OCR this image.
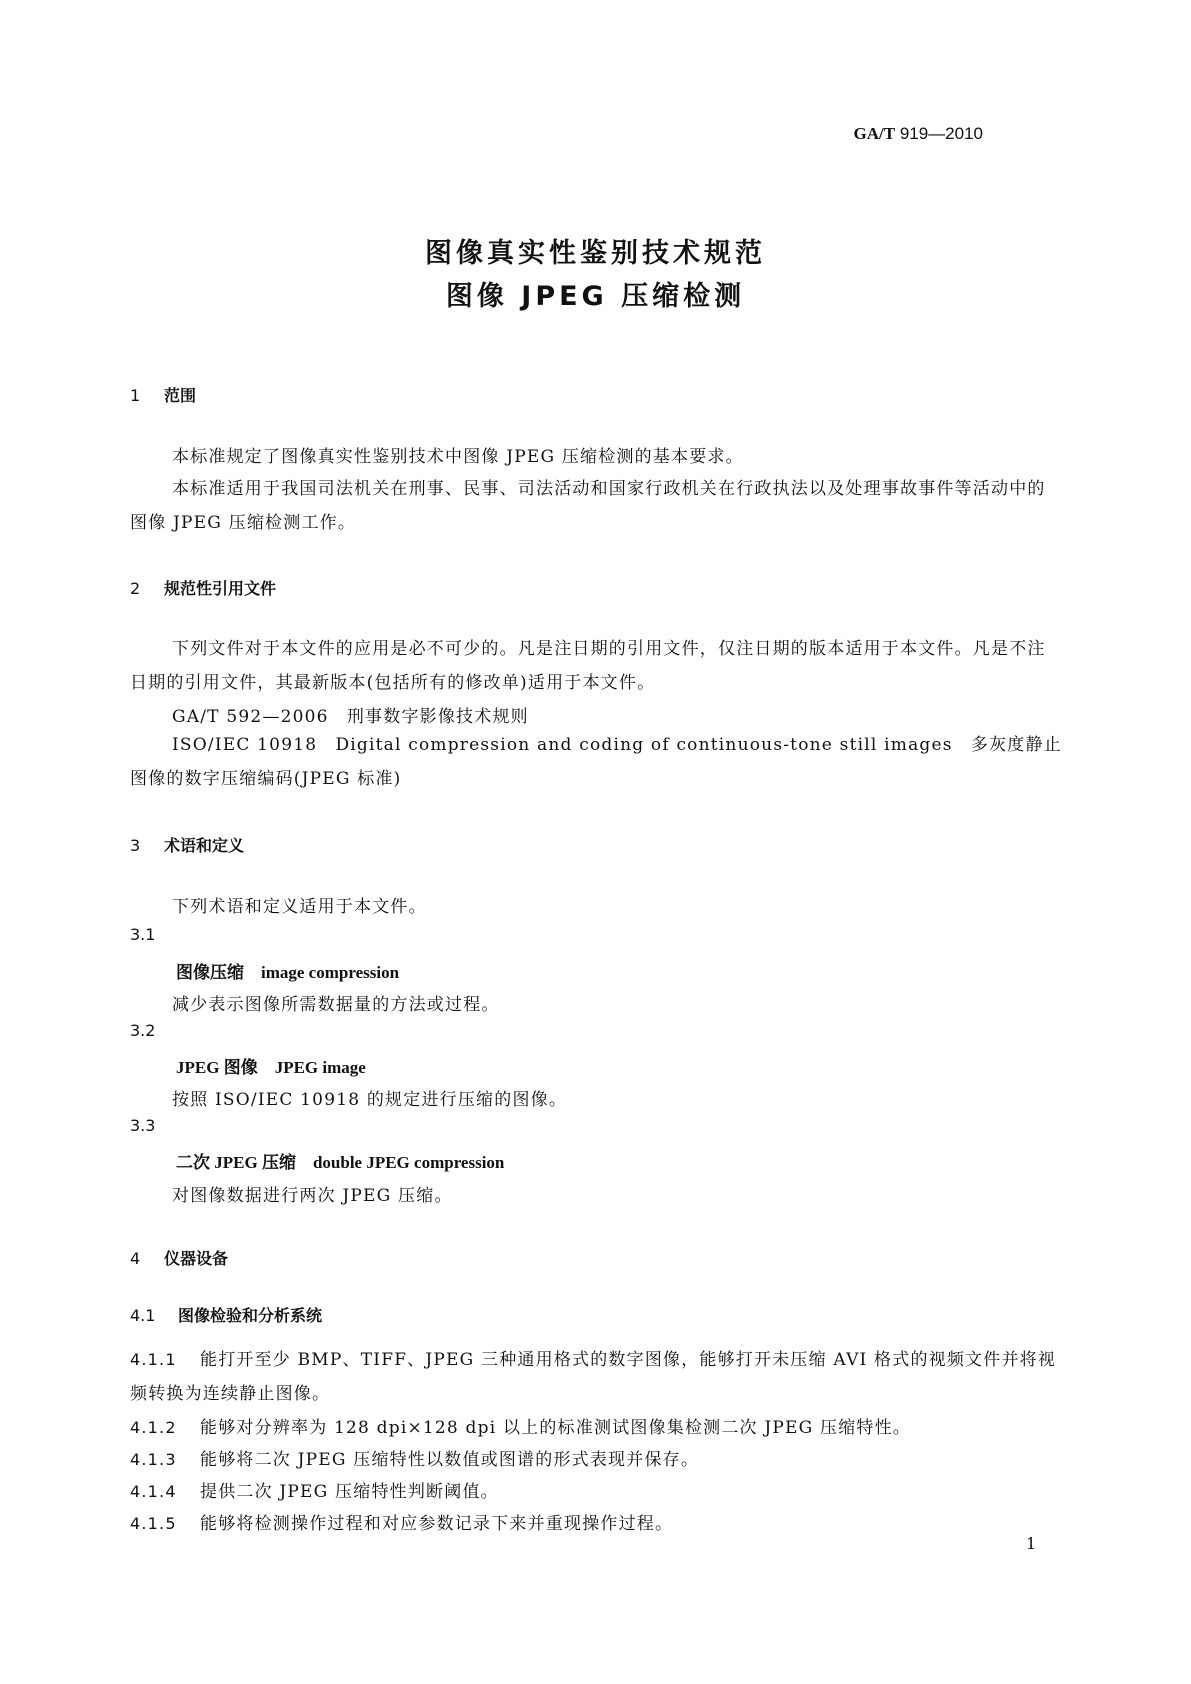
GA/T 919—2010
图像真实性鉴别技术规范
图像 JPEG 压缩检测
1 范围
本标准规定了图像真实性鉴别技术中图像 JPEG 压缩检测的基本要求。
本标准适用于我国司法机关在刑事、民事、司法活动和国家行政机关在行政执法以及处理事故事件等活动中的图像 JPEG 压缩检测工作。
2 规范性引用文件
下列文件对于本文件的应用是必不可少的。凡是注日期的引用文件，仅注日期的版本适用于本文件。凡是不注日期的引用文件，其最新版本(包括所有的修改单)适用于本文件。
GA/T 592—2006　刑事数字影像技术规则
ISO/IEC 10918　Digital compression and coding of continuous-tone still images　多灰度静止图像的数字压缩编码(JPEG 标准)
3 术语和定义
下列术语和定义适用于本文件。
3.1
图像压缩  image compression
减少表示图像所需数据量的方法或过程。
3.2
JPEG 图像  JPEG image
按照 ISO/IEC 10918 的规定进行压缩的图像。
3.3
二次 JPEG 压缩  double JPEG compression
对图像数据进行两次 JPEG 压缩。
4 仪器设备
4.1 图像检验和分析系统
4.1.1 能打开至少 BMP、TIFF、JPEG 三种通用格式的数字图像，能够打开未压缩 AVI 格式的视频文件并将视频转换为连续静止图像。
4.1.2 能够对分辨率为 128 dpi×128 dpi 以上的标准测试图像集检测二次 JPEG 压缩特性。
4.1.3 能够将二次 JPEG 压缩特性以数值或图谱的形式表现并保存。
4.1.4 提供二次 JPEG 压缩特性判断阈值。
4.1.5 能够将检测操作过程和对应参数记录下来并重现操作过程。
1
